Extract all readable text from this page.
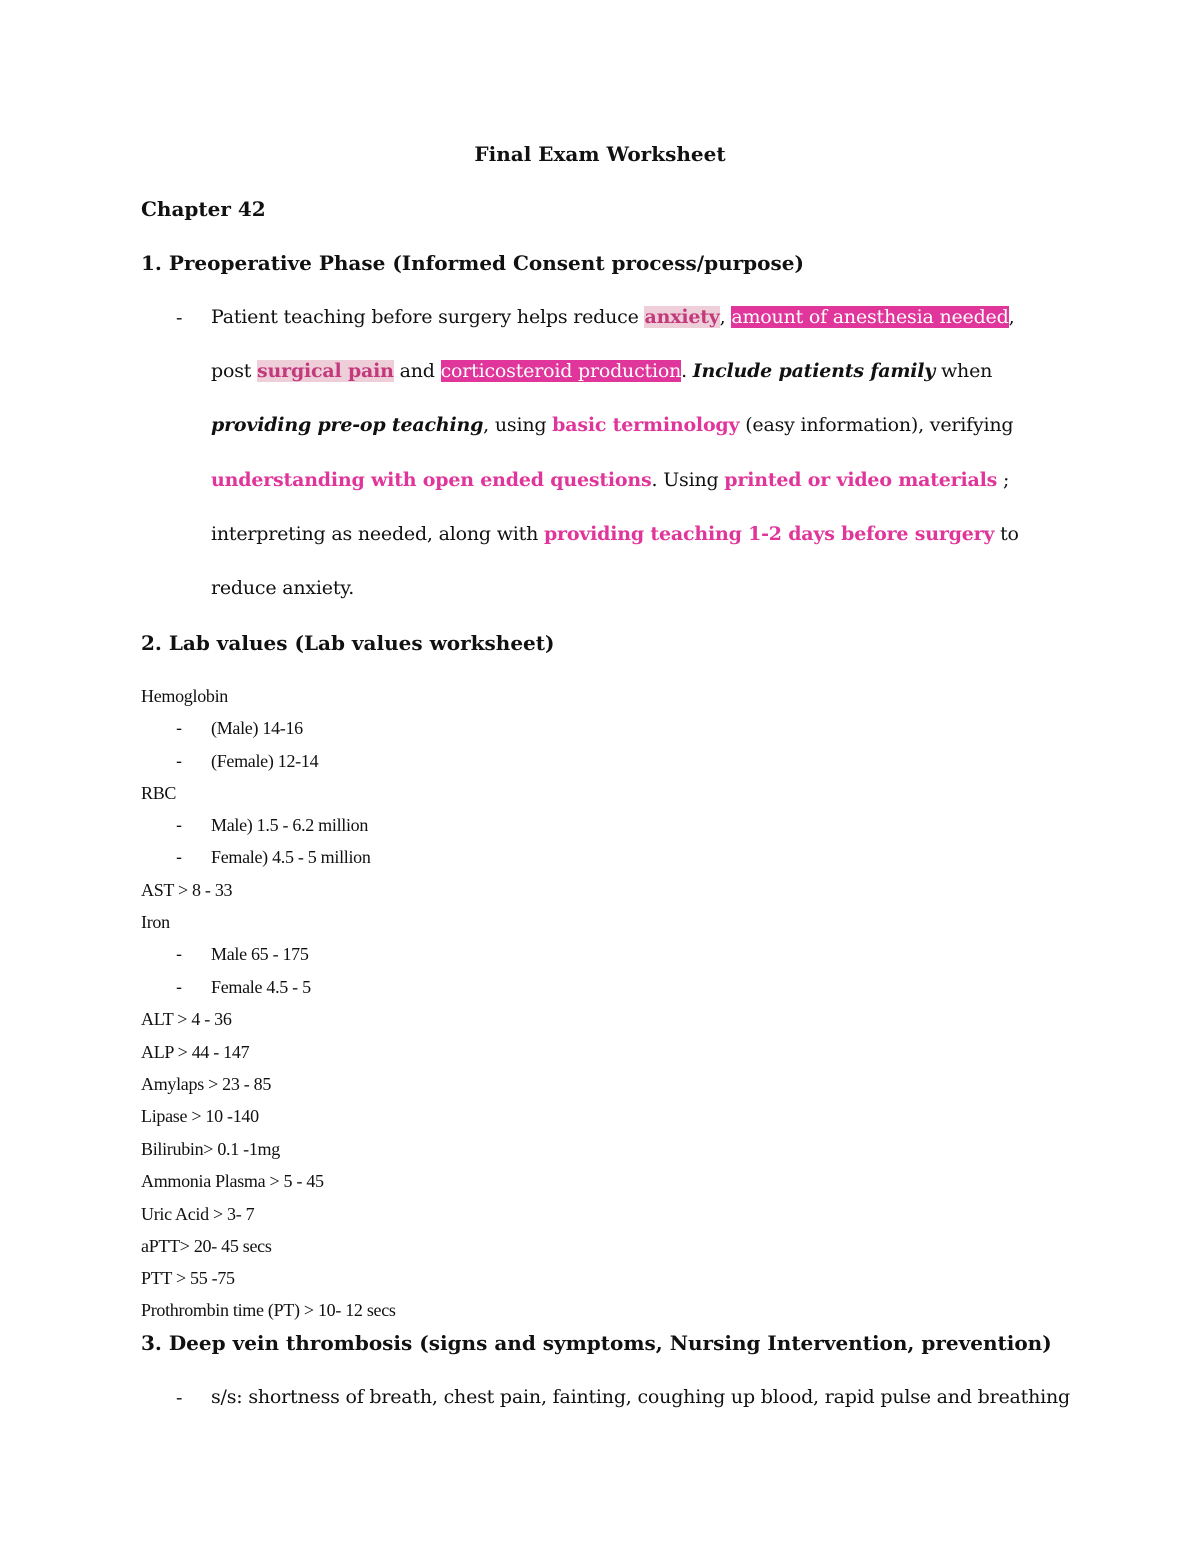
Final Exam Worksheet
Chapter 42
1. Preoperative Phase (Informed Consent process/purpose)
- Patient teaching before surgery helps reduce anxiety, amount of anesthesia needed,
post surgical pain and corticosteroid production. Include patients family when
providing pre-op teaching, using basic terminology (easy information), verifying
understanding with open ended questions. Using printed or video materials ;
interpreting as needed, along with providing teaching 1-2 days before surgery to
reduce anxiety.
2. Lab values (Lab values worksheet)
Hemoglobin
- (Male) 14-16
- (Female) 12-14
RBC
- Male) 1.5 - 6.2 million
- Female) 4.5 - 5 million
AST > 8 - 33
Iron
- Male 65 - 175
- Female 4.5 - 5
ALT > 4 - 36
ALP > 44 - 147
Amylaps > 23 - 85
Lipase > 10 -140
Bilirubin> 0.1 -1mg
Ammonia Plasma > 5 - 45
Uric Acid > 3- 7
aPTT> 20- 45 secs
PTT > 55 -75
Prothrombin time (PT) > 10- 12 secs
3. Deep vein thrombosis (signs and symptoms, Nursing Intervention, prevention)
- s/s: shortness of breath, chest pain, fainting, coughing up blood, rapid pulse and breathing
